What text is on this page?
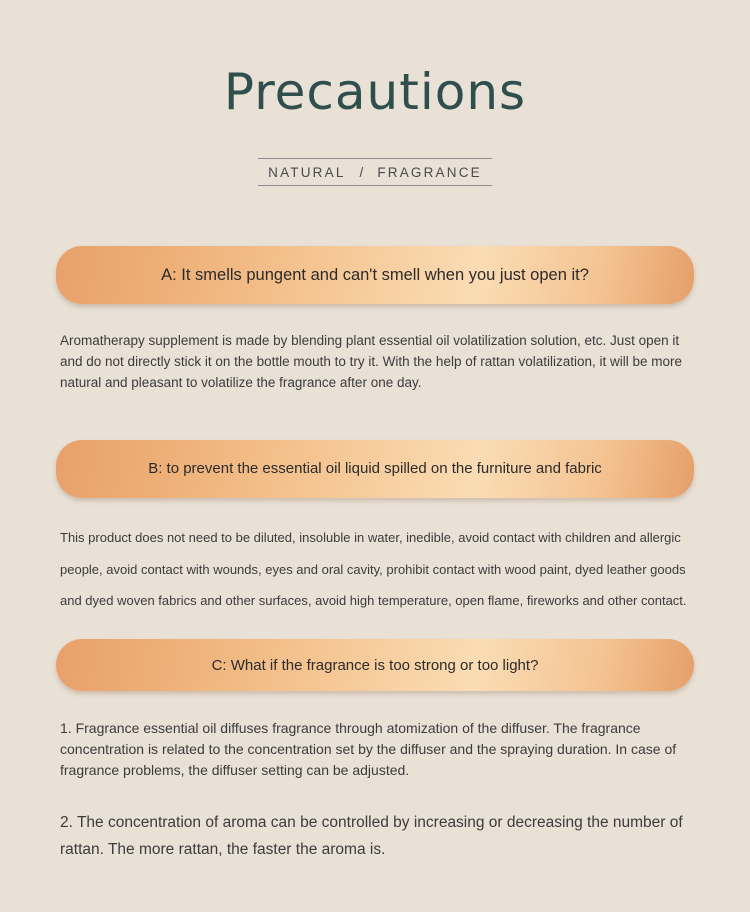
Precautions
NATURAL / FRAGRANCE
A: It smells pungent and can't smell when you just open it?

Aromatherapy supplement is made by blending plant essential oil volatilization solution, etc. Just open it and do not directly stick it on the bottle mouth to try it. With the help of rattan volatilization, it will be more natural and pleasant to volatilize the fragrance after one day.

B: to prevent the essential oil liquid spilled on the furniture and fabric

This product does not need to be diluted, insoluble in water, inedible, avoid contact with children and allergic people, avoid contact with wounds, eyes and oral cavity, prohibit contact with wood paint, dyed leather goods and dyed woven fabrics and other surfaces, avoid high temperature, open flame, fireworks and other contact.

C: What if the fragrance is too strong or too light?

1. Fragrance essential oil diffuses fragrance through atomization of the diffuser. The fragrance concentration is related to the concentration set by the diffuser and the spraying duration. In case of fragrance problems, the diffuser setting can be adjusted.

2. The concentration of aroma can be controlled by increasing or decreasing the number of rattan. The more rattan, the faster the aroma is.
